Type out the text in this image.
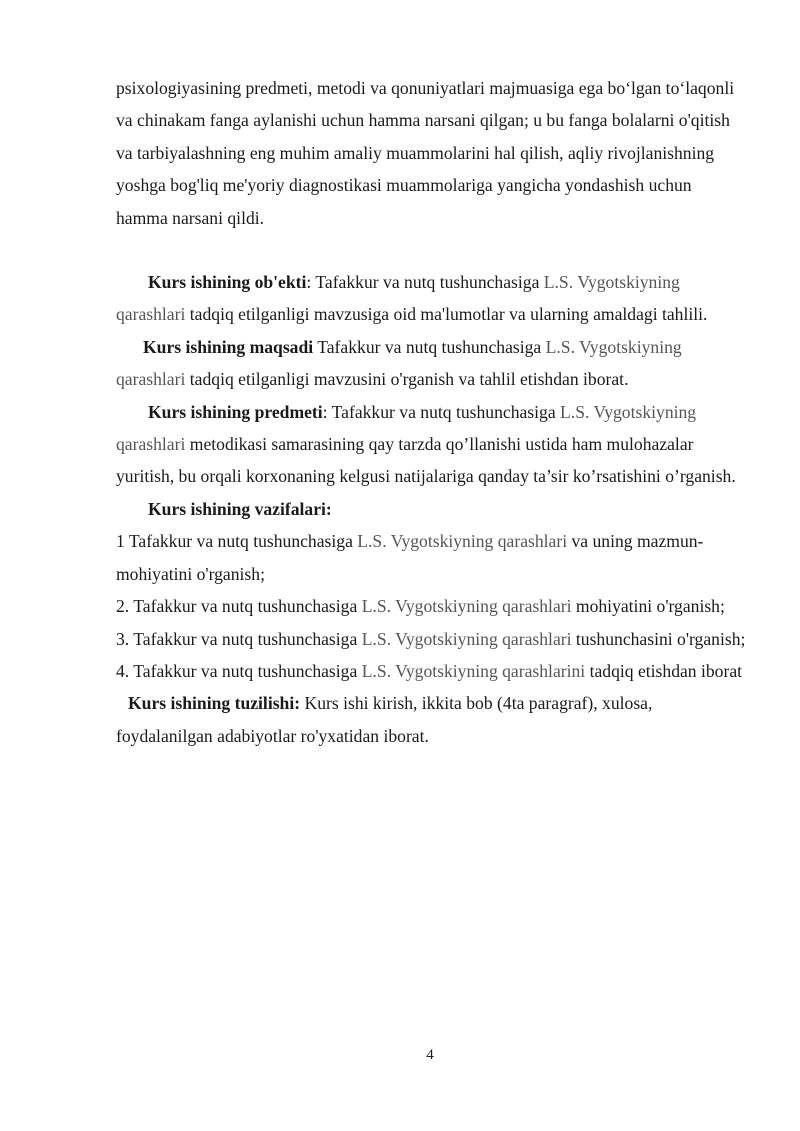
psixologiyasining predmeti, metodi va qonuniyatlari majmuasiga ega bo‘lgan to‘laqonli va chinakam fanga aylanishi uchun hamma narsani qilgan; u bu fanga bolalarni o'qitish va tarbiyalashning eng muhim amaliy muammolarini hal qilish, aqliy rivojlanishning yoshga bog'liq me'yoriy diagnostikasi muammolariga yangicha yondashish uchun hamma narsani qildi.

Kurs ishining ob'ekti: Tafakkur va nutq tushunchasiga L.S. Vygotskiyning qarashlari tadqiq etilganligi mavzusiga oid ma'lumotlar va ularning amaldagi tahlili.

Kurs ishining maqsadi Tafakkur va nutq tushunchasiga L.S. Vygotskiyning qarashlari tadqiq etilganligi mavzusini o'rganish va tahlil etishdan iborat.

Kurs ishining predmeti: Tafakkur va nutq tushunchasiga L.S. Vygotskiyning qarashlari metodikasi samarasining qay tarzda qo’llanishi ustida ham mulohazalar yuritish, bu orqali korxonaning kelgusi natijalariga qanday ta’sir ko’rsatishini o’rganish.

Kurs ishining vazifalari:

1 Tafakkur va nutq tushunchasiga L.S. Vygotskiyning qarashlari va uning mazmun-mohiyatini o'rganish;

2. Tafakkur va nutq tushunchasiga L.S. Vygotskiyning qarashlari mohiyatini o'rganish;

3. Tafakkur va nutq tushunchasiga L.S. Vygotskiyning qarashlari tushunchasini o'rganish;

4. Tafakkur va nutq tushunchasiga L.S. Vygotskiyning qarashlarini tadqiq etishdan iborat

Kurs ishining tuzilishi: Kurs ishi kirish, ikkita bob (4ta paragraf), xulosa, foydalanilgan adabiyotlar ro'yxatidan iborat.

4
